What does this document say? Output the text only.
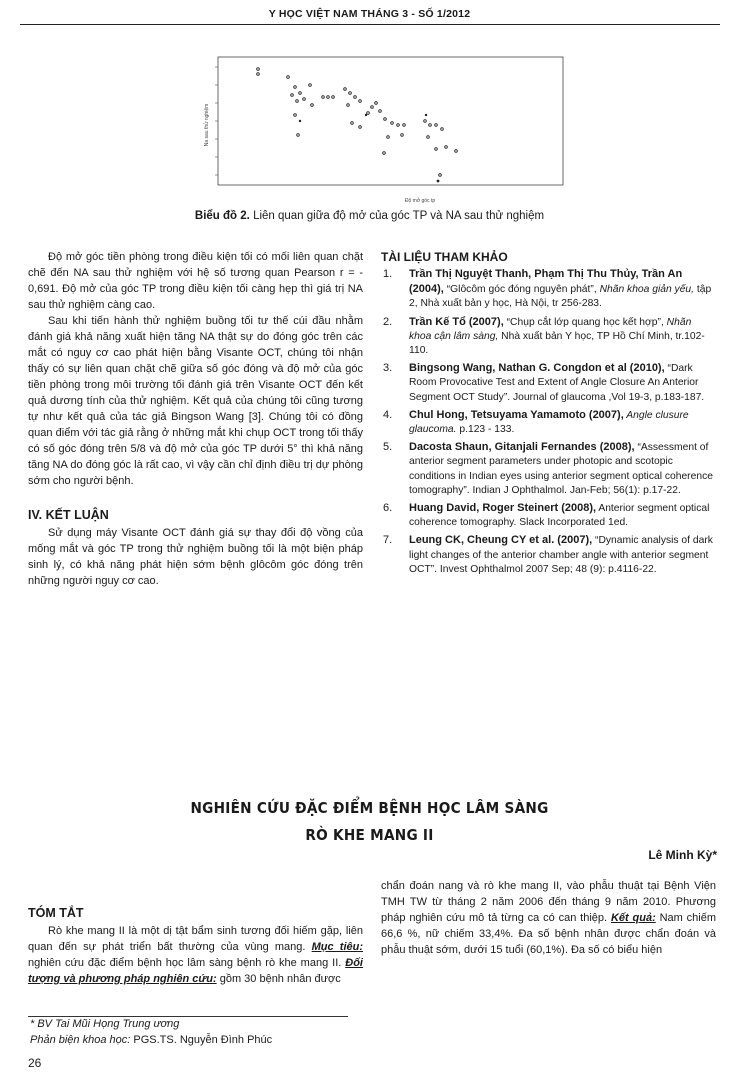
Y HỌC VIỆT NAM THÁNG 3 - SỐ 1/2012
Na sau thử nghiệm
Độ mở góc tp
Biểu đồ 2. Liên quan giữa độ mở của góc TP và NA sau thử nghiệm

Độ mở góc tiền phòng trong điều kiện tối có mối liên quan chặt chẽ đến NA sau thử nghiệm với hệ số tương quan Pearson r = - 0,691. Độ mở của góc TP trong điều kiện tối càng hẹp thì giá trị NA sau thử nghiệm càng cao.

Sau khi tiến hành thử nghiệm buồng tối tư thế cúi đầu nhằm đánh giá khả năng xuất hiện tăng NA thật sự do đóng góc trên các mắt có nguy cơ cao phát hiện bằng Visante OCT, chúng tôi nhận thấy có sự liên quan chặt chẽ giữa số góc đóng và độ mở của góc tiền phòng trong môi trường tối đánh giá trên Visante OCT đến kết quả dương tính của thử nghiệm. Kết quả của chúng tôi cũng tương tự như kết quả của tác giả Bingson Wang [3]. Chúng tôi có đồng quan điểm với tác giả rằng ở những mắt khi chụp OCT trong tối thấy có số góc đóng trên 5/8 và độ mở của góc TP dưới 5° thì khả năng tăng NA do đóng góc là rất cao, vì vậy cần chỉ định điều trị dự phòng sớm cho người bệnh.

IV. KẾT LUẬN

Sử dụng máy Visante OCT đánh giá sự thay đổi độ vồng của mống mắt và góc TP trong thử nghiệm buồng tối là một biện pháp sinh lý, có khả năng phát hiện sớm bệnh glôcôm góc đóng trên những người nguy cơ cao.

TÀI LIỆU THAM KHẢO
1. Trần Thị Nguyệt Thanh, Phạm Thị Thu Thủy, Trần An (2004), “Glôcôm góc đóng nguyên phát”, Nhãn khoa giản yếu, tập 2, Nhà xuất bản y học, Hà Nội, tr 256-283.
2. Trần Kế Tổ (2007), “Chụp cắt lớp quang học kết hợp”, Nhãn khoa cận lâm sàng, Nhà xuất bản Y học, TP Hồ Chí Minh, tr.102-110.
3. Bingsong Wang, Nathan G. Congdon et al (2010), “Dark Room Provocative Test and Extent of Angle Closure An Anterior Segment OCT Study”. Journal of glaucoma ,Vol 19-3, p.183-187.
4. Chul Hong, Tetsuyama Yamamoto (2007), Angle clusure glaucoma. p.123 - 133.
5. Dacosta Shaun, Gitanjali Fernandes (2008), “Assessment of anterior segment parameters under photopic and scotopic conditions in Indian eyes using anterior segment optical coherence tomography”. Indian J Ophthalmol. Jan-Feb; 56(1): p.17-22.
6. Huang David, Roger Steinert (2008), Anterior segment optical coherence tomography. Slack Incorporated 1ed.
7. Leung CK, Cheung CY et al. (2007), “Dynamic analysis of dark light changes of the anterior chamber angle with anterior segment OCT”. Invest Ophthalmol 2007 Sep; 48 (9): p.4116-22.
NGHIÊN CỨU ĐẶC ĐIỂM BỆNH HỌC LÂM SÀNG
RÒ KHE MANG II
Lê Minh Kỳ*
TÓM TẮT

Rò khe mang II là một dị tật bẩm sinh tương đối hiếm gặp, liên quan đến sự phát triển bất thường của vùng mang. Mục tiêu: nghiên cứu đặc điểm bệnh học lâm sàng bệnh rò khe mang II. Đối tượng và phương pháp nghiên cứu: gồm 30 bệnh nhân được

chẩn đoán nang và rò khe mang II, vào phẫu thuật tại Bệnh Viện TMH TW từ tháng 2 năm 2006 đến tháng 9 năm 2010. Phương pháp nghiên cứu mô tả từng ca có can thiệp. Kết quả: Nam chiếm 66,6 %, nữ chiếm 33,4%. Đa số bệnh nhân được chẩn đoán và phẫu thuật sớm, dưới 15 tuổi (60,1%). Đa số có biểu hiện

* BV Tai Mũi Họng Trung ương
Phản biện khoa học: PGS.TS. Nguyễn Đình Phúc
26
